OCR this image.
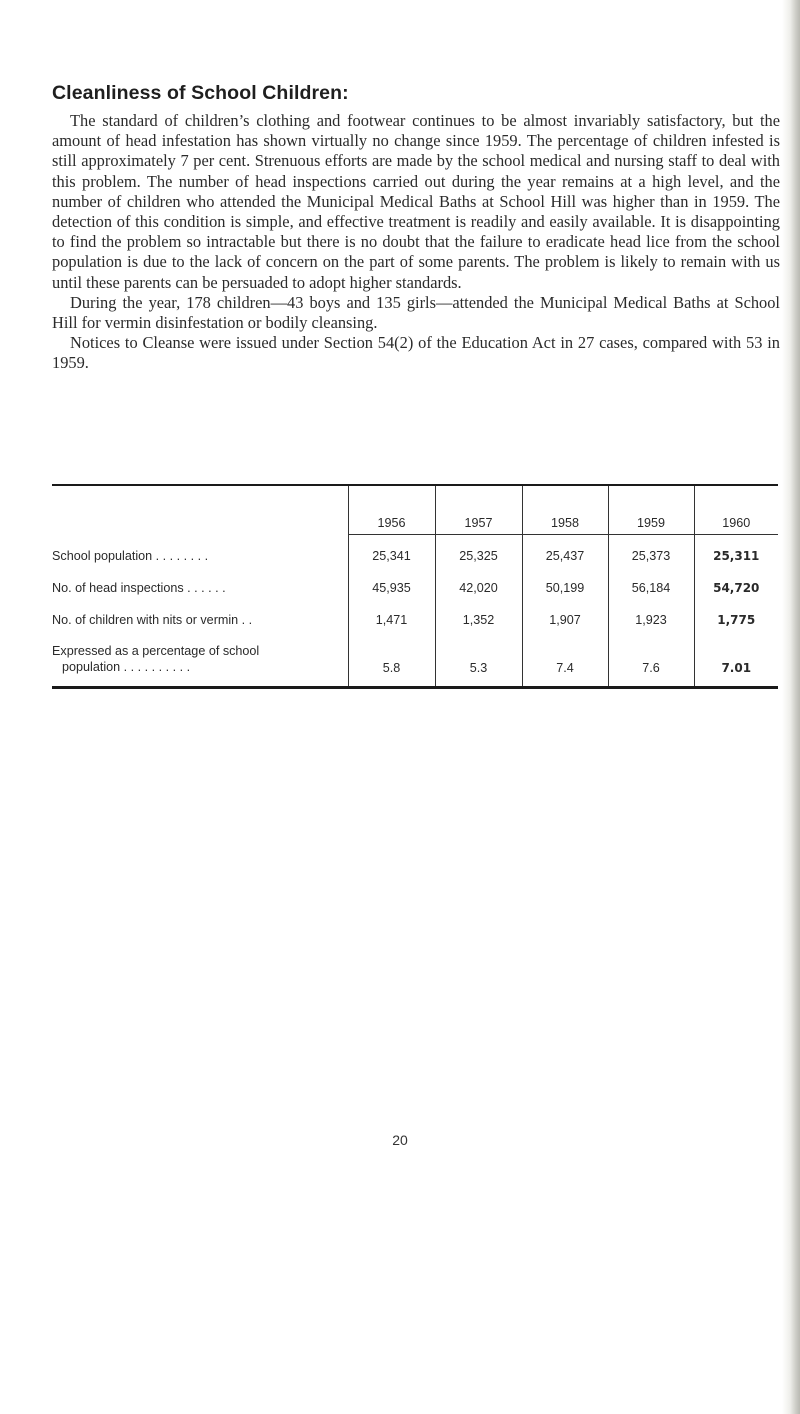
Cleanliness of School Children:

The standard of children’s clothing and footwear continues to be almost invariably satisfactory, but the amount of head infestation has shown virtually no change since 1959. The percentage of children infested is still approximately 7 per cent. Strenuous efforts are made by the school medical and nursing staff to deal with this problem. The number of head inspections carried out during the year remains at a high level, and the number of children who attended the Municipal Medical Baths at School Hill was higher than in 1959. The detection of this condition is simple, and effective treatment is readily and easily available. It is disappointing to find the problem so intractable but there is no doubt that the failure to eradicate head lice from the school population is due to the lack of concern on the part of some parents. The problem is likely to remain with us until these parents can be persuaded to adopt higher standards.

During the year, 178 children—43 boys and 135 girls—attended the Municipal Medical Baths at School Hill for vermin disinfestation or bodily cleansing.

Notices to Cleanse were issued under Section 54(2) of the Education Act in 27 cases, compared with 53 in 1959.

	1956	1957	1958	1959	1960
School population . . . . . . . .	25,341	25,325	25,437	25,373	25,311
No. of head inspections . . . . . .	45,935	42,020	50,199	56,184	54,720
No. of children with nits or vermin . .	1,471	1,352	1,907	1,923	1,775
Expressed as a percentage of school
population . . . . . . . . . .	5.8	5.3	7.4	7.6	7.01
20
